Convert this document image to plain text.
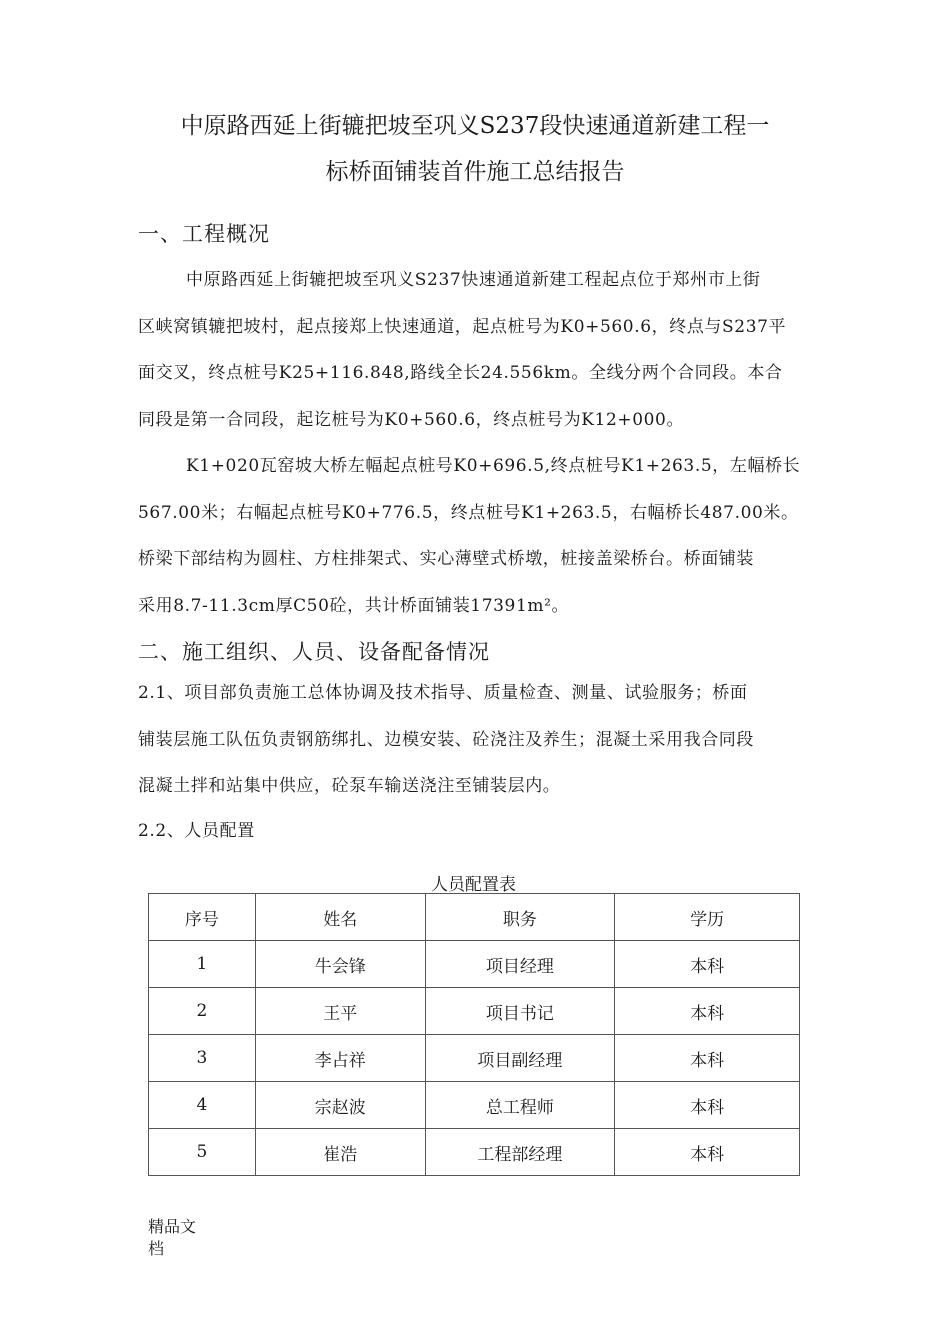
中原路西延上街辘把坡至巩义S237段快速通道新建工程一
标桥面铺装首件施工总结报告
一、工程概况

中原路西延上街辘把坡至巩义S237快速通道新建工程起点位于郑州市上街
区峡窝镇辘把坡村，起点接郑上快速通道，起点桩号为K0+560.6，终点与S237平
面交叉，终点桩号K25+116.848,路线全长24.556km。全线分两个合同段。本合
同段是第一合同段，起讫桩号为K0+560.6，终点桩号为K12+000。

K1+020瓦窑坡大桥左幅起点桩号K0+696.5,终点桩号K1+263.5，左幅桥长
567.00米；右幅起点桩号K0+776.5，终点桩号K1+263.5，右幅桥长487.00米。
桥梁下部结构为圆柱、方柱排架式、实心薄壁式桥墩，桩接盖梁桥台。桥面铺装
采用8.7-11.3cm厚C50砼，共计桥面铺装17391m²。

二、施工组织、人员、设备配备情况

2.1、项目部负责施工总体协调及技术指导、质量检查、测量、试验服务；桥面
铺装层施工队伍负责钢筋绑扎、边模安装、砼浇注及养生；混凝土采用我合同段
混凝土拌和站集中供应，砼泵车输送浇注至铺装层内。

2.2、人员配置

人员配置表
序号	姓名	职务	学历
1	牛会锋	项目经理	本科
2	王平	项目书记	本科
3	李占祥	项目副经理	本科
4	宗赵波	总工程师	本科
5	崔浩	工程部经理	本科
精品文
档
